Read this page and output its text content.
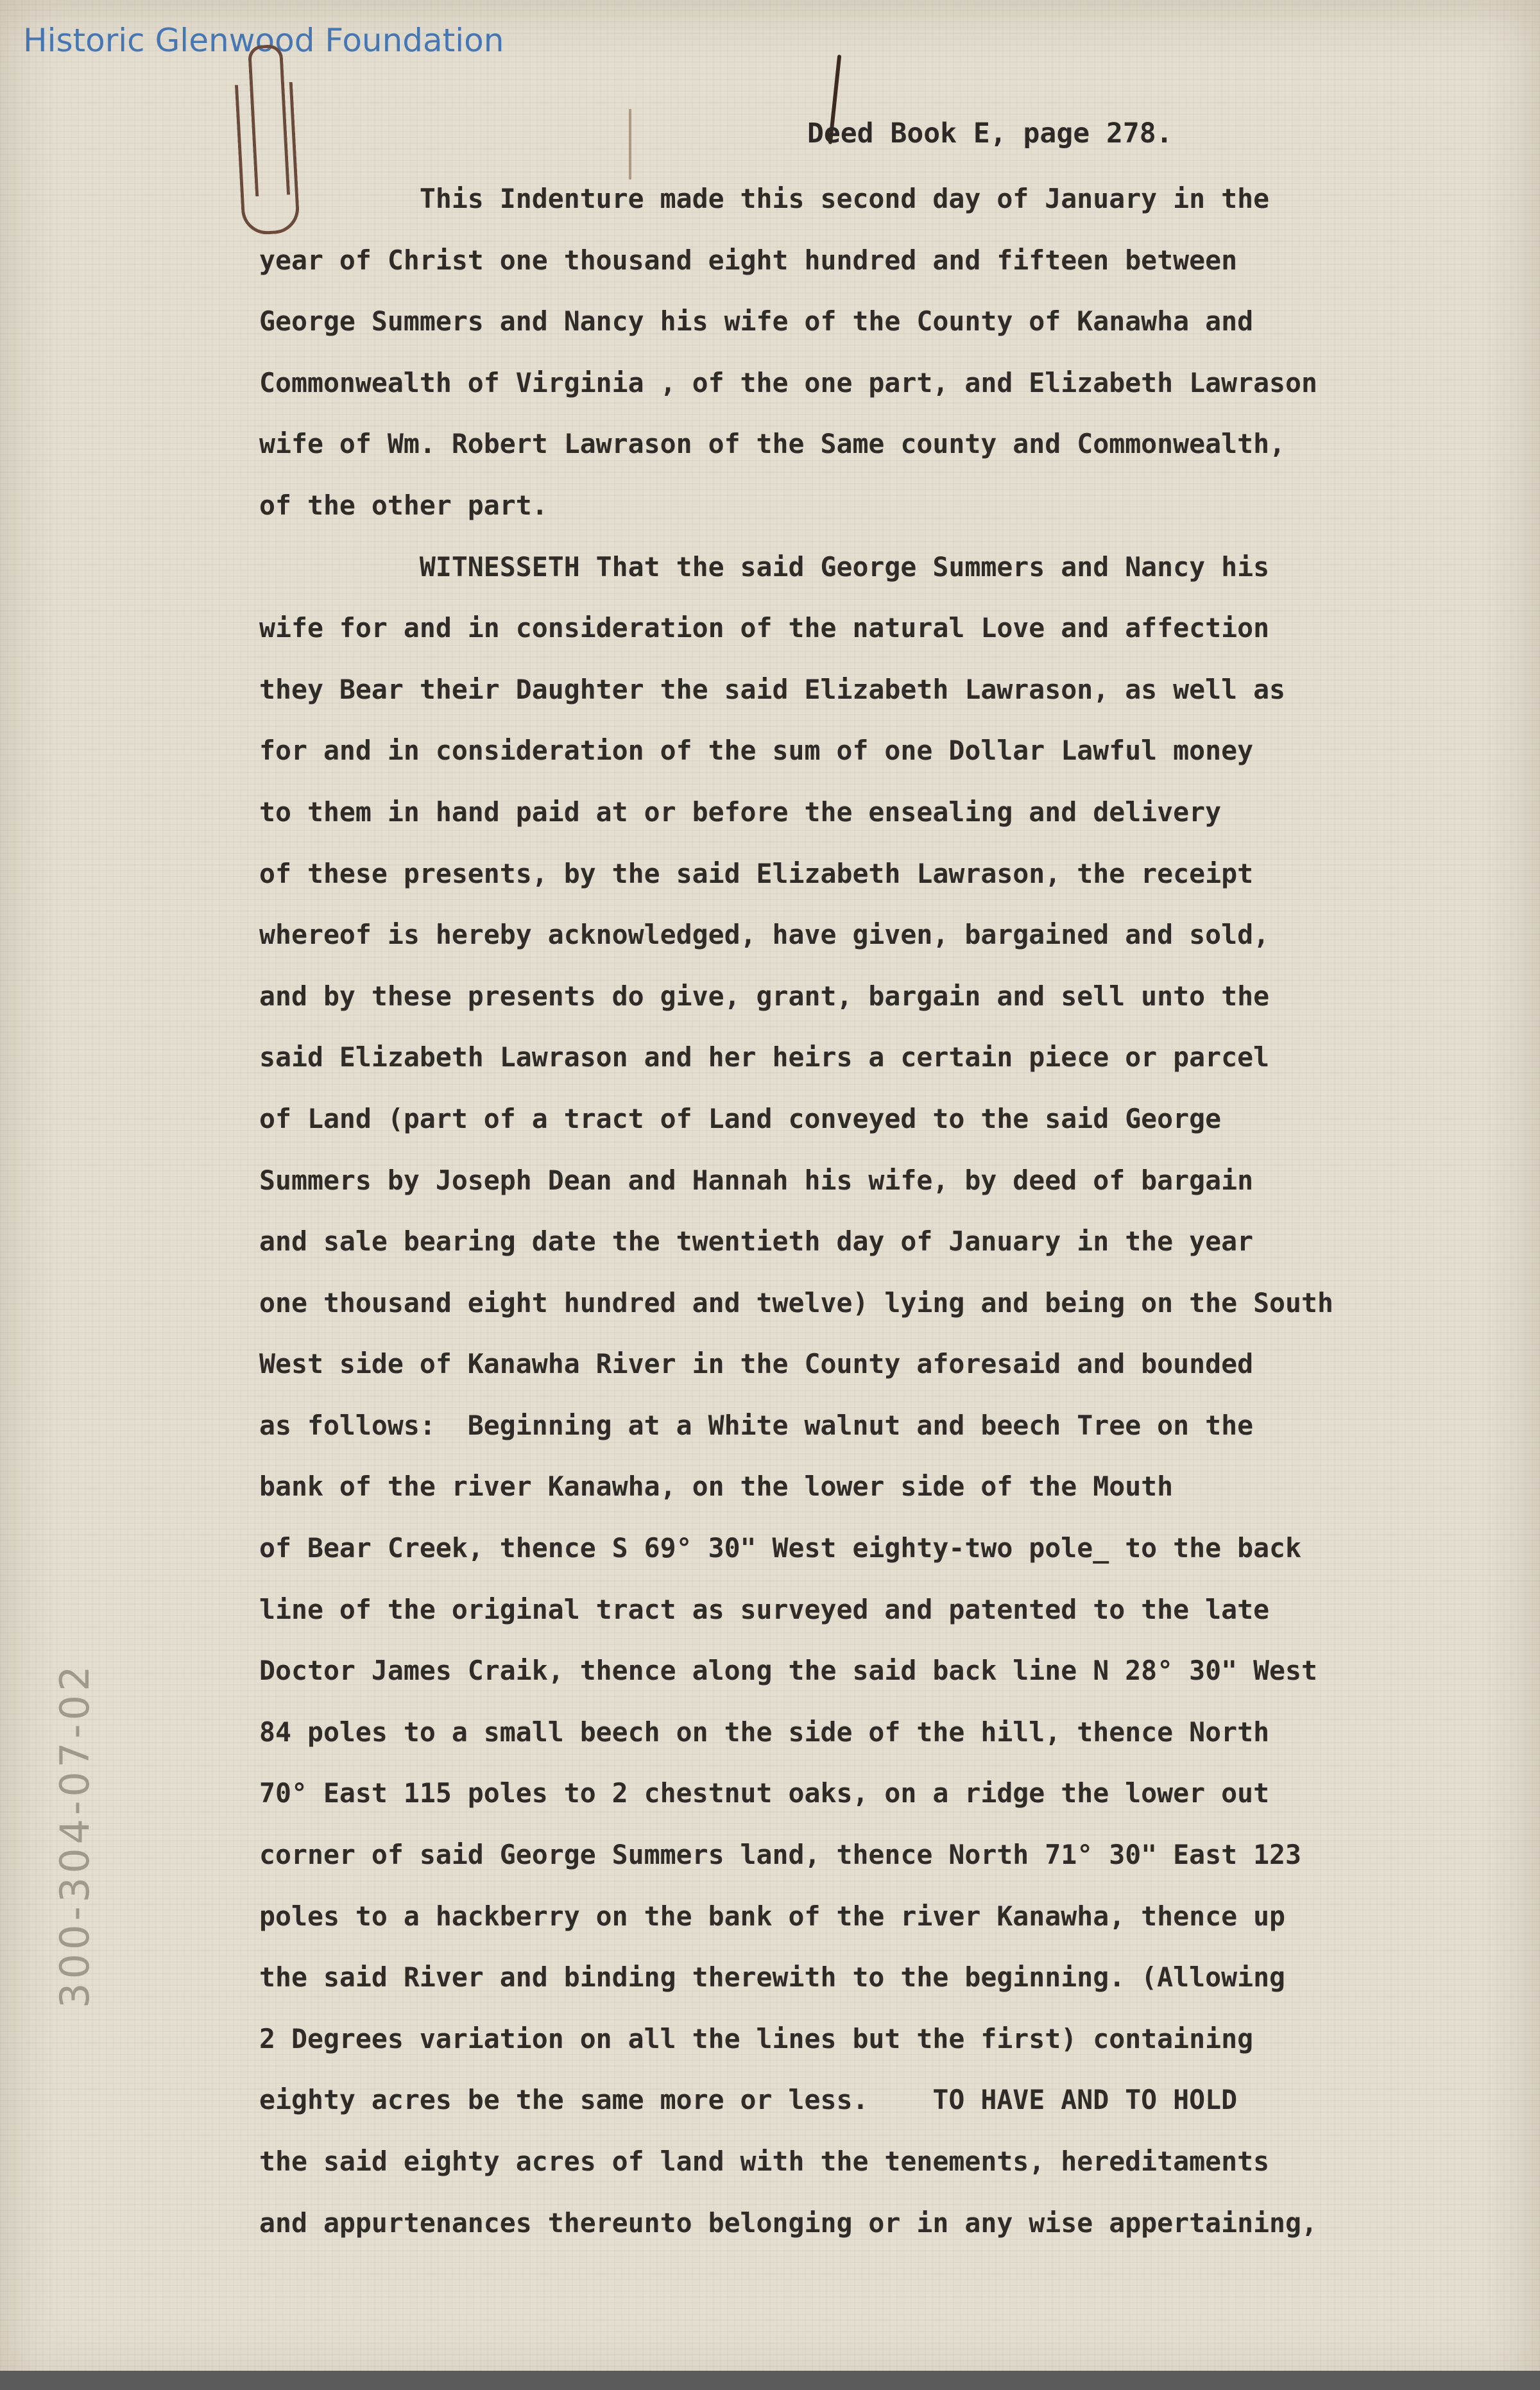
Historic Glenwood Foundation
Deed Book E, page 278.
This Indenture made this second day of January in the
year of Christ one thousand eight hundred and fifteen between
George Summers and Nancy his wife of the County of Kanawha and
Commonwealth of Virginia , of the one part, and Elizabeth Lawrason
wife of Wm. Robert Lawrason of the Same county and Commonwealth,
of the other part.
WITNESSETH That the said George Summers and Nancy his
wife for and in consideration of the natural Love and affection
they Bear their Daughter the said Elizabeth Lawrason, as well as
for and in consideration of the sum of one Dollar Lawful money
to them in hand paid at or before the ensealing and delivery
of these presents, by the said Elizabeth Lawrason, the receipt
whereof is hereby acknowledged, have given, bargained and sold,
and by these presents do give, grant, bargain and sell unto the
said Elizabeth Lawrason and her heirs a certain piece or parcel
of Land (part of a tract of Land conveyed to the said George
Summers by Joseph Dean and Hannah his wife, by deed of bargain
and sale bearing date the twentieth day of January in the year
one thousand eight hundred and twelve) lying and being on the South
West side of Kanawha River in the County aforesaid and bounded
as follows:  Beginning at a White walnut and beech Tree on the
bank of the river Kanawha, on the lower side of the Mouth
of Bear Creek, thence S 69° 30" West eighty-two pole_ to the back
line of the original tract as surveyed and patented to the late
Doctor James Craik, thence along the said back line N 28° 30" West
84 poles to a small beech on the side of the hill, thence North
70° East 115 poles to 2 chestnut oaks, on a ridge the lower out
corner of said George Summers land, thence North 71° 30" East 123
poles to a hackberry on the bank of the river Kanawha, thence up
the said River and binding therewith to the beginning. (Allowing
2 Degrees variation on all the lines but the first) containing
eighty acres be the same more or less.    TO HAVE AND TO HOLD
the said eighty acres of land with the tenements, hereditaments
and appurtenances thereunto belonging or in any wise appertaining,
300-304-07-02
